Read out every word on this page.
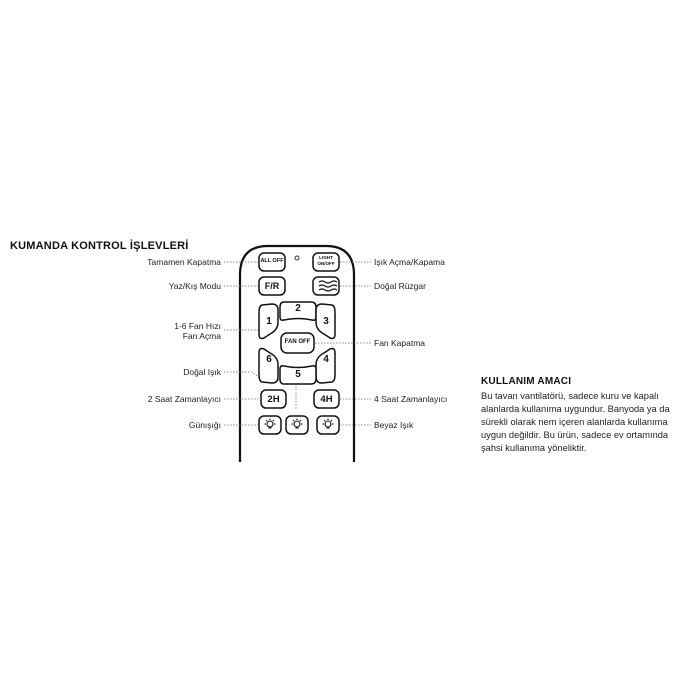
KUMANDA KONTROL İŞLEVLERİ
ALL OFF
LIGHT
ON/OFF
F/R
2
1	3
FAN OFF
6	4
5
2H	4H
Tamamen Kapatma
Yaz/Kış Modu
1-6 Fan Hızı
Fan Açma
Doğal Işık
2 Saat Zamanlayıcı
Günışığı
Işık Açma/Kapama
Doğal Rüzgar
Fan Kapatma
4 Saat Zamanlayıcı
Beyaz Işık
KULLANIM AMACI
Bu tavan vantilatörü, sadece kuru ve kapalı
alanlarda kullanıma uygundur. Banyoda ya da
sürekli olarak nem içeren alanlarda kullanıma
uygun değildir. Bu ürün, sadece ev ortamında
şahsi kullanıma yöneliktir.
